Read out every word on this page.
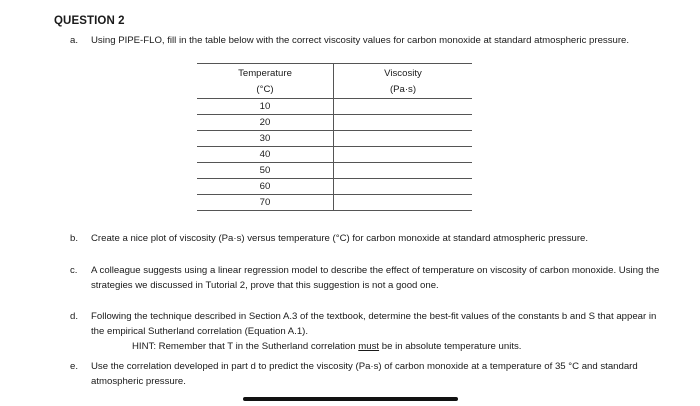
QUESTION 2
a.	Using PIPE-FLO, fill in the table below with the correct viscosity values for carbon monoxide at standard atmospheric pressure.
Temperature	Viscosity
(°C)	(Pa·s)
10	
20	
30	
40	
50	
60	
70	
b.	Create a nice plot of viscosity (Pa·s) versus temperature (°C) for carbon monoxide at standard atmospheric pressure.
c.	A colleague suggests using a linear regression model to describe the effect of temperature on viscosity of carbon monoxide. Using the strategies we discussed in Tutorial 2, prove that this suggestion is not a good one.
d.	Following the technique described in Section A.3 of the textbook, determine the best-fit values of the constants b and S that appear in the empirical Sutherland correlation (Equation A.1).
HINT: Remember that T in the Sutherland correlation must be in absolute temperature units.
e.	Use the correlation developed in part d to predict the viscosity (Pa·s) of carbon monoxide at a temperature of 35 °C and standard atmospheric pressure.
